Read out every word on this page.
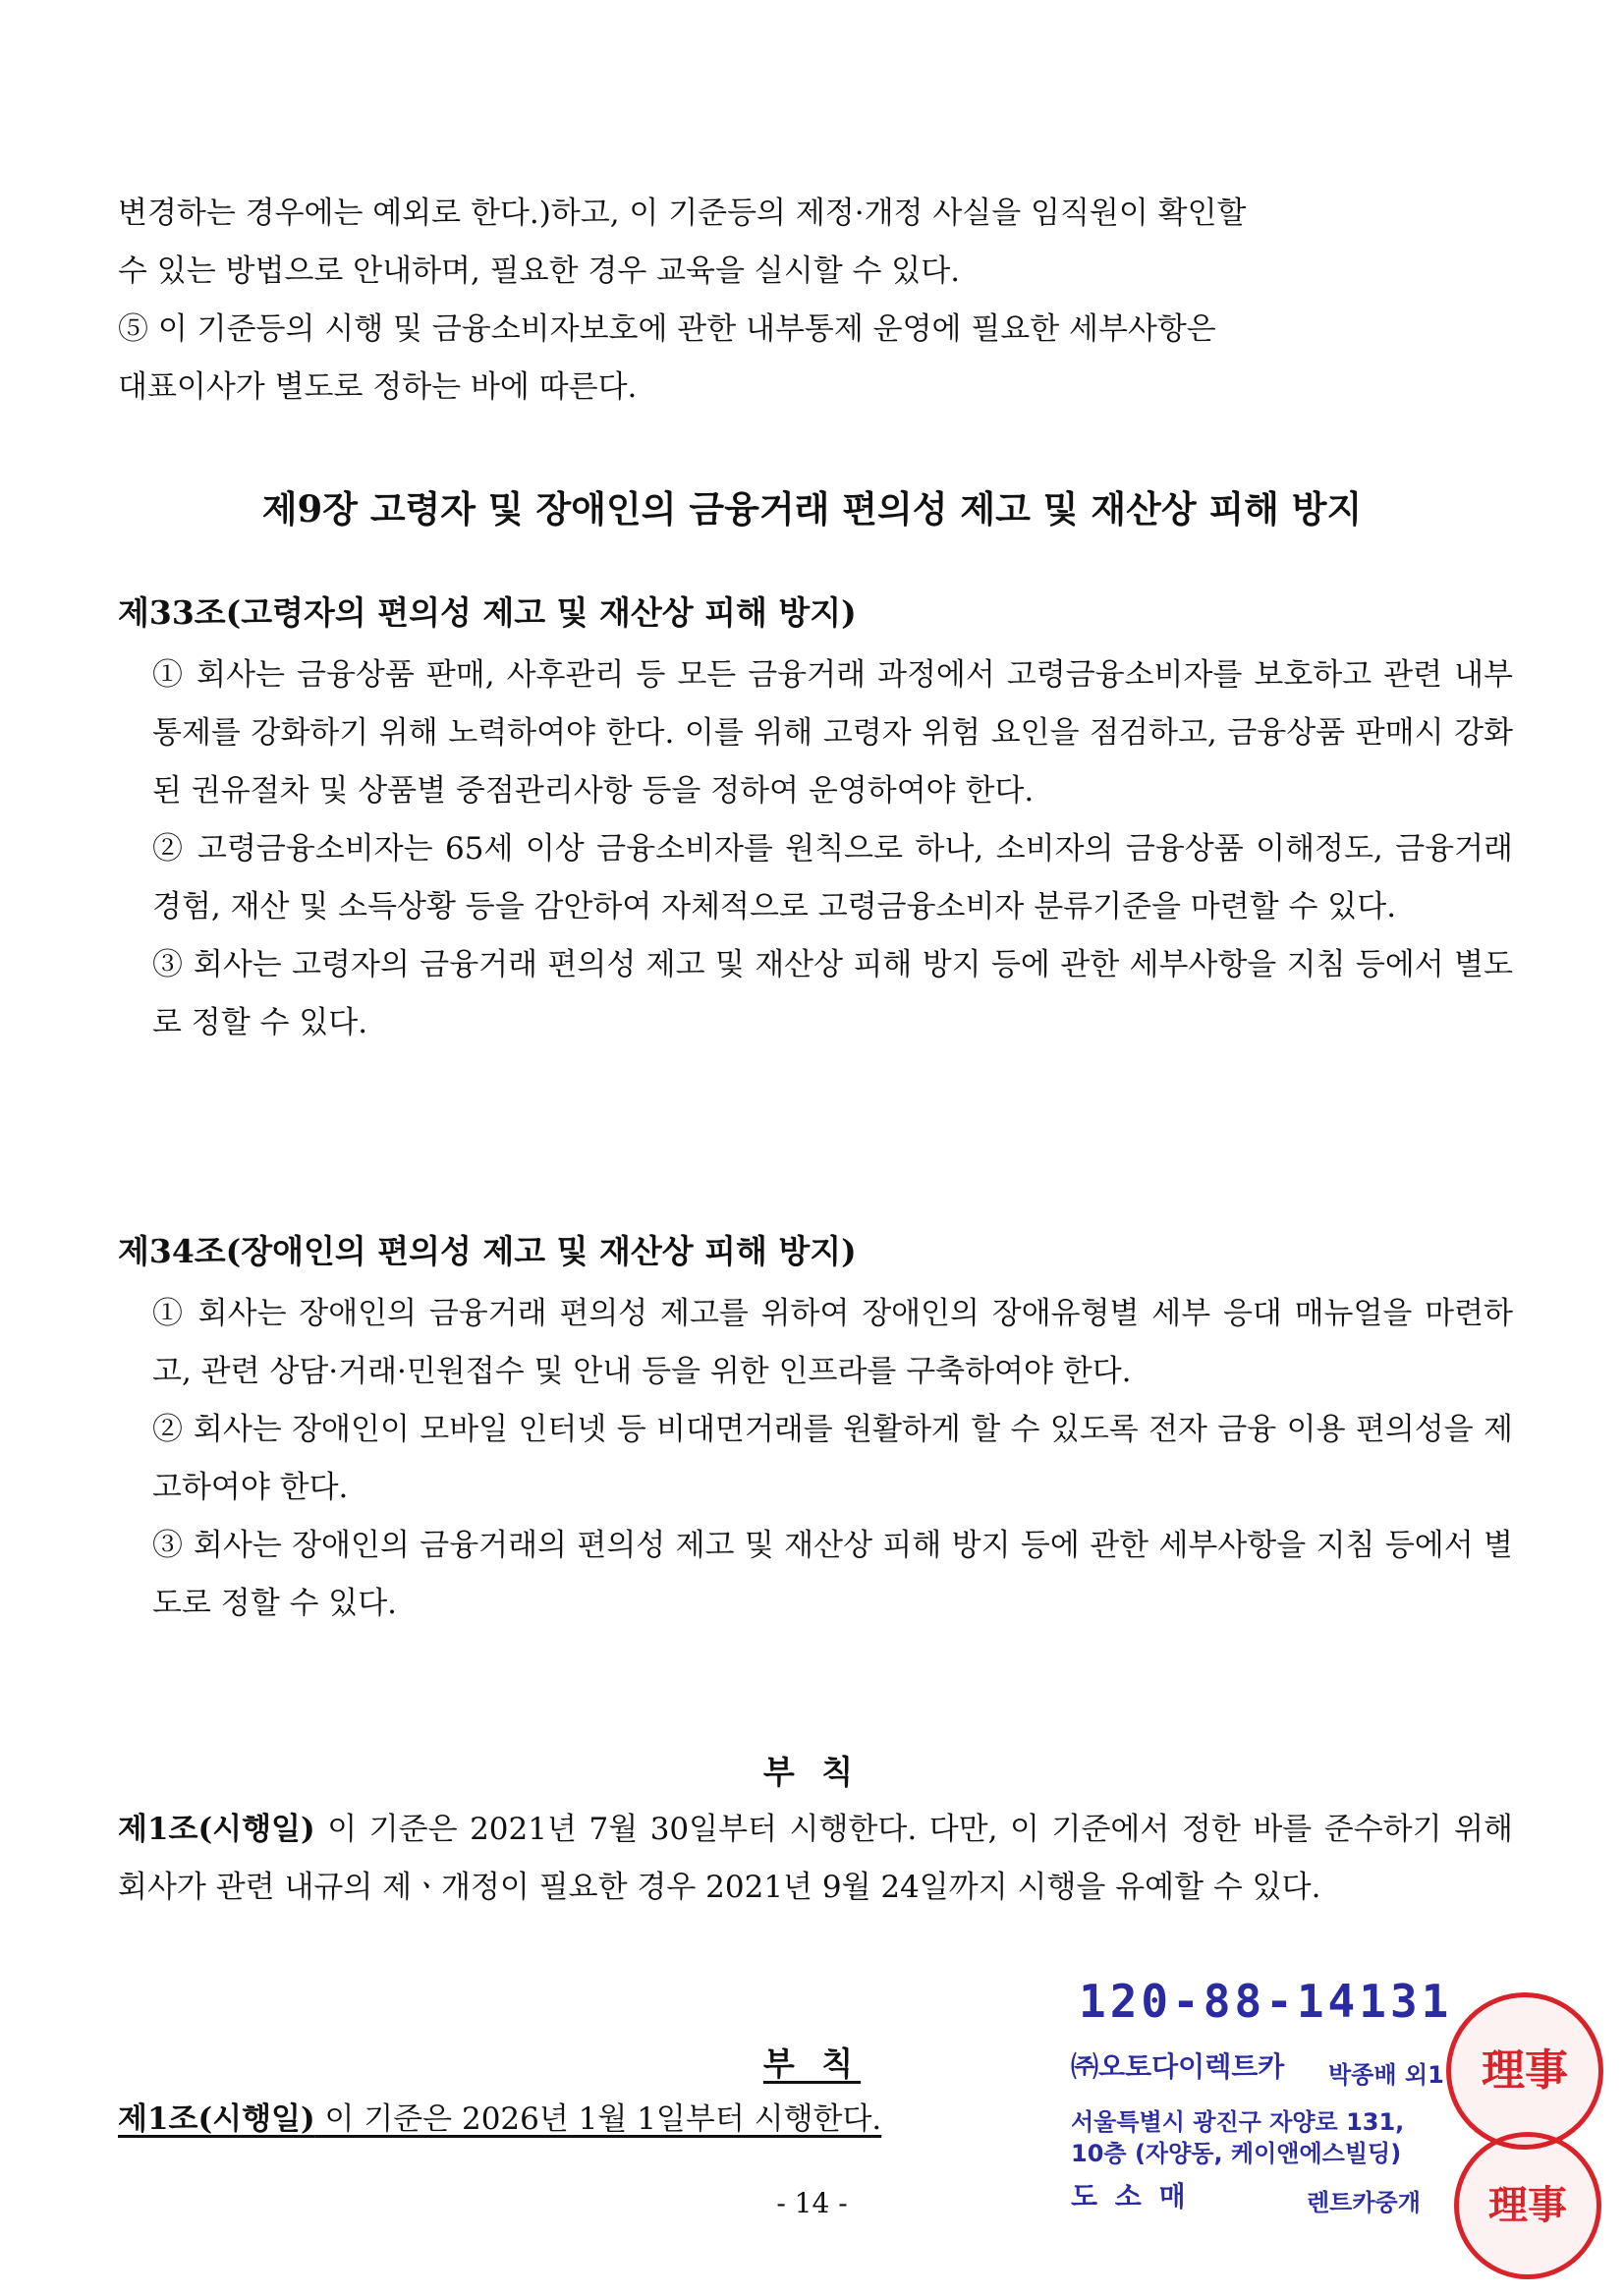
변경하는 경우에는 예외로 한다.)하고, 이 기준등의 제정·개정 사실을 임직원이 확인할
수 있는 방법으로 안내하며, 필요한 경우 교육을 실시할 수 있다.
⑤ 이 기준등의 시행 및 금융소비자보호에 관한 내부통제 운영에 필요한 세부사항은
대표이사가 별도로 정하는 바에 따른다.
제9장 고령자 및 장애인의 금융거래 편의성 제고 및 재산상 피해 방지
제33조(고령자의 편의성 제고 및 재산상 피해 방지)
① 회사는 금융상품 판매, 사후관리 등 모든 금융거래 과정에서 고령금융소비자를 보호하고 관련 내부통제를 강화하기 위해 노력하여야 한다. 이를 위해 고령자 위험 요인을 점검하고, 금융상품 판매시 강화된 권유절차 및 상품별 중점관리사항 등을 정하여 운영하여야 한다.
② 고령금융소비자는 65세 이상 금융소비자를 원칙으로 하나, 소비자의 금융상품 이해정도, 금융거래 경험, 재산 및 소득상황 등을 감안하여 자체적으로 고령금융소비자 분류기준을 마련할 수 있다.
③ 회사는 고령자의 금융거래 편의성 제고 및 재산상 피해 방지 등에 관한 세부사항을 지침 등에서 별도로 정할 수 있다.
제34조(장애인의 편의성 제고 및 재산상 피해 방지)
① 회사는 장애인의 금융거래 편의성 제고를 위하여 장애인의 장애유형별 세부 응대 매뉴얼을 마련하고, 관련 상담·거래·민원접수 및 안내 등을 위한 인프라를 구축하여야 한다.
② 회사는 장애인이 모바일 인터넷 등 비대면거래를 원활하게 할 수 있도록 전자 금융 이용 편의성을 제고하여야 한다.
③ 회사는 장애인의 금융거래의 편의성 제고 및 재산상 피해 방지 등에 관한 세부사항을 지침 등에서 별도로 정할 수 있다.
부 칙
제1조(시행일) 이 기준은 2021년 7월 30일부터 시행한다. 다만, 이 기준에서 정한 바를 준수하기 위해 회사가 관련 내규의 제ㆍ개정이 필요한 경우 2021년 9월 24일까지 시행을 유예할 수 있다.
부 칙
제1조(시행일) 이 기준은 2026년 1월 1일부터 시행한다.
理事
理事
120-88-14131
㈜오토다이렉트카 박종배 외1
서울특별시 광진구 자양로 131,
10층 (자양동, 케이앤에스빌딩)
도 소 매	렌트카중개
- 14 -
